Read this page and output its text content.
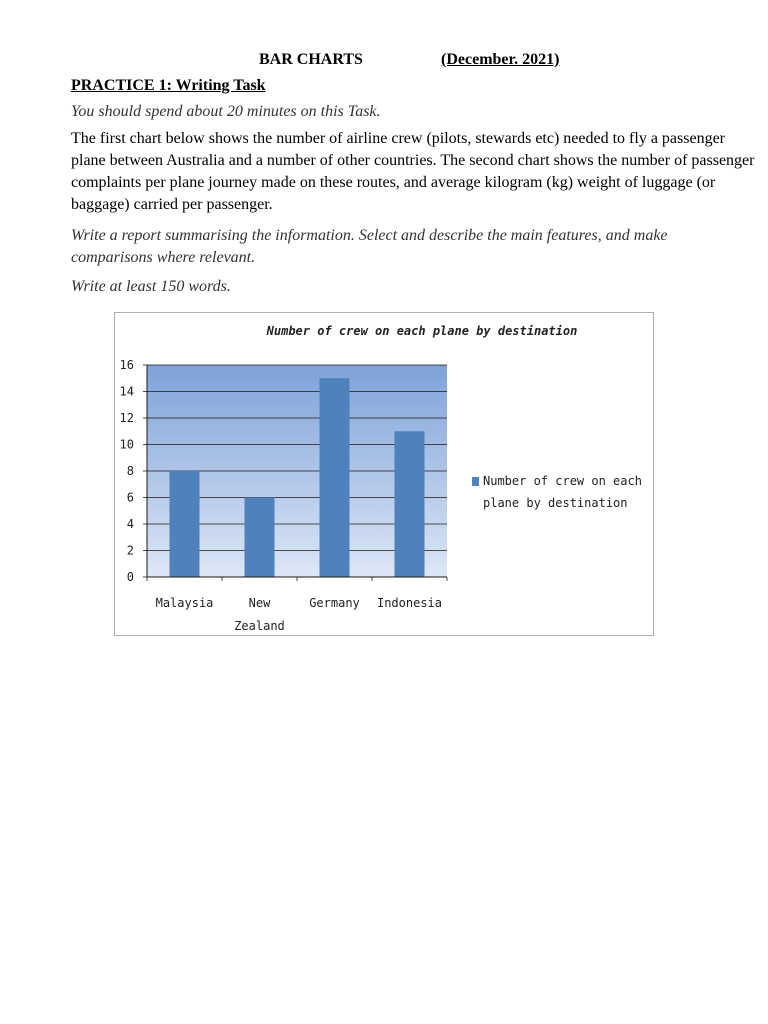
BAR CHARTS	(December. 2021)
PRACTICE 1: Writing Task
You should spend about 20 minutes on this Task.
The first chart below shows the number of airline crew (pilots, stewards etc) needed to fly a passenger plane between Australia and a number of other countries. The second chart shows the number of passenger complaints per plane journey made on these routes, and average kilogram (kg) weight of luggage (or baggage) carried per passenger.
Write a report summarising the information. Select and describe the main features, and make comparisons where relevant.
Write at least 150 words.
Number of crew on each plane by destination
0
2
4
6
8
10
12
14
16
Malaysia	New
Zealand
Germany Indonesia
Number of crew on each
plane by destination
